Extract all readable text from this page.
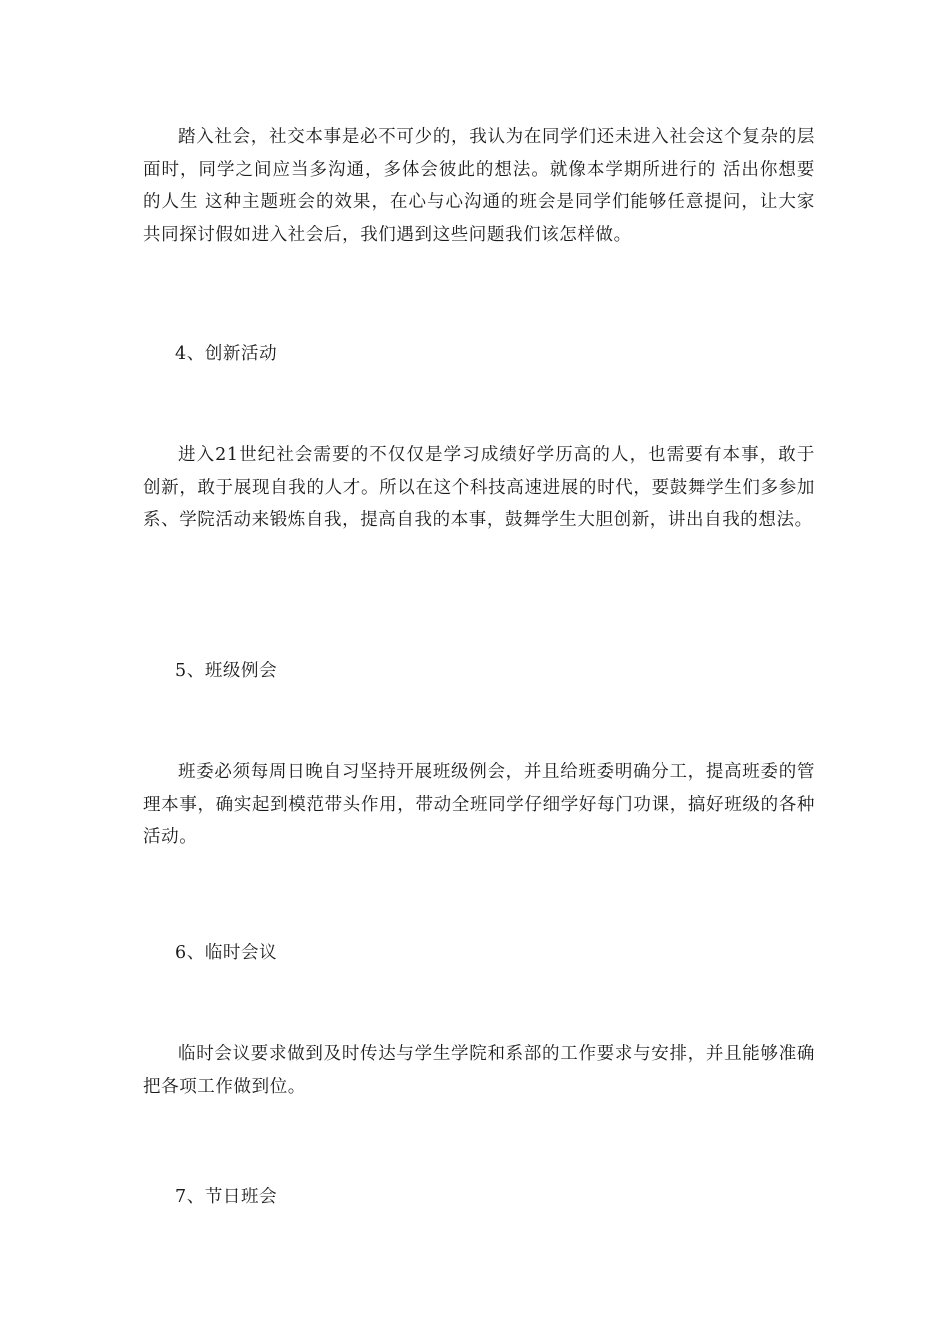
踏入社会，社交本事是必不可少的，我认为在同学们还未进入社会这个复杂的层面时，同学之间应当多沟通，多体会彼此的想法。就像本学期所进行的 活出你想要的人生 这种主题班会的效果，在心与心沟通的班会是同学们能够任意提问，让大家共同探讨假如进入社会后，我们遇到这些问题我们该怎样做。

4、创新活动

进入21世纪社会需要的不仅仅是学习成绩好学历高的人，也需要有本事，敢于创新，敢于展现自我的人才。所以在这个科技高速进展的时代，要鼓舞学生们多参加系、学院活动来锻炼自我，提高自我的本事，鼓舞学生大胆创新，讲出自我的想法。

5、班级例会

班委必须每周日晚自习坚持开展班级例会，并且给班委明确分工，提高班委的管理本事，确实起到模范带头作用，带动全班同学仔细学好每门功课，搞好班级的各种活动。

6、临时会议

临时会议要求做到及时传达与学生学院和系部的工作要求与安排，并且能够准确把各项工作做到位。

7、节日班会
